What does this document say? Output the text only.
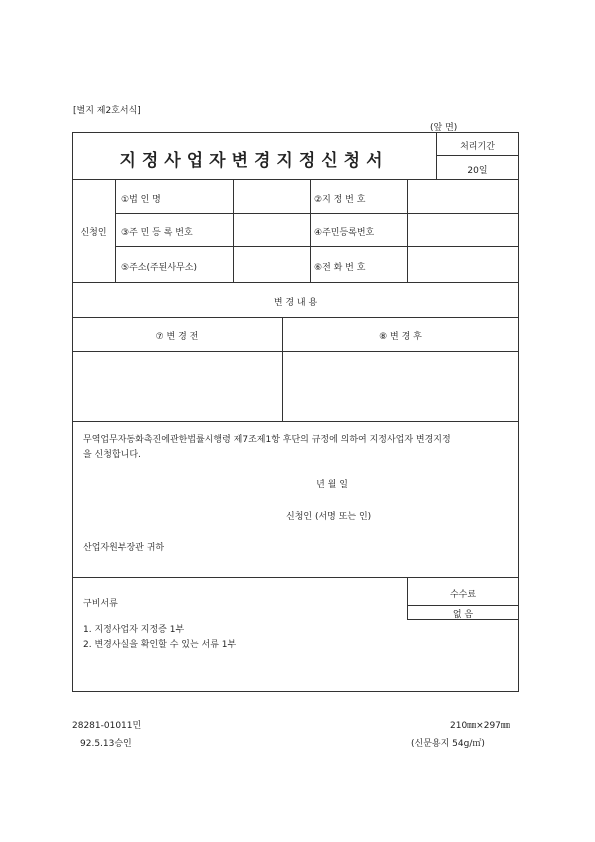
[별지 제2호서식]
(앞 면)
지정사업자변경지정신청서
처리기간
20일
신청인
①법 인 명	②지 정 번 호
③주 민 등 록 번호	④주민등록번호
⑤주소(주된사무소)	⑥전 화 번 호
변 경 내 용
⑦ 변 경 전	⑧ 변 경 후
무역업무자동화촉진에관한법률시행령 제7조제1항 후단의 규정에 의하여 지정사업자 변경지정
을 신청합니다.
년 월 일
신청인 (서명 또는 인)
산업자원부장관 귀하
수수료
없 음
구비서류
1. 지정사업자 지정증 1부
2. 변경사실을 확인할 수 있는 서류 1부
28281-01011민
92.5.13승인
210㎜×297㎜
(신문용지 54g/㎡)
